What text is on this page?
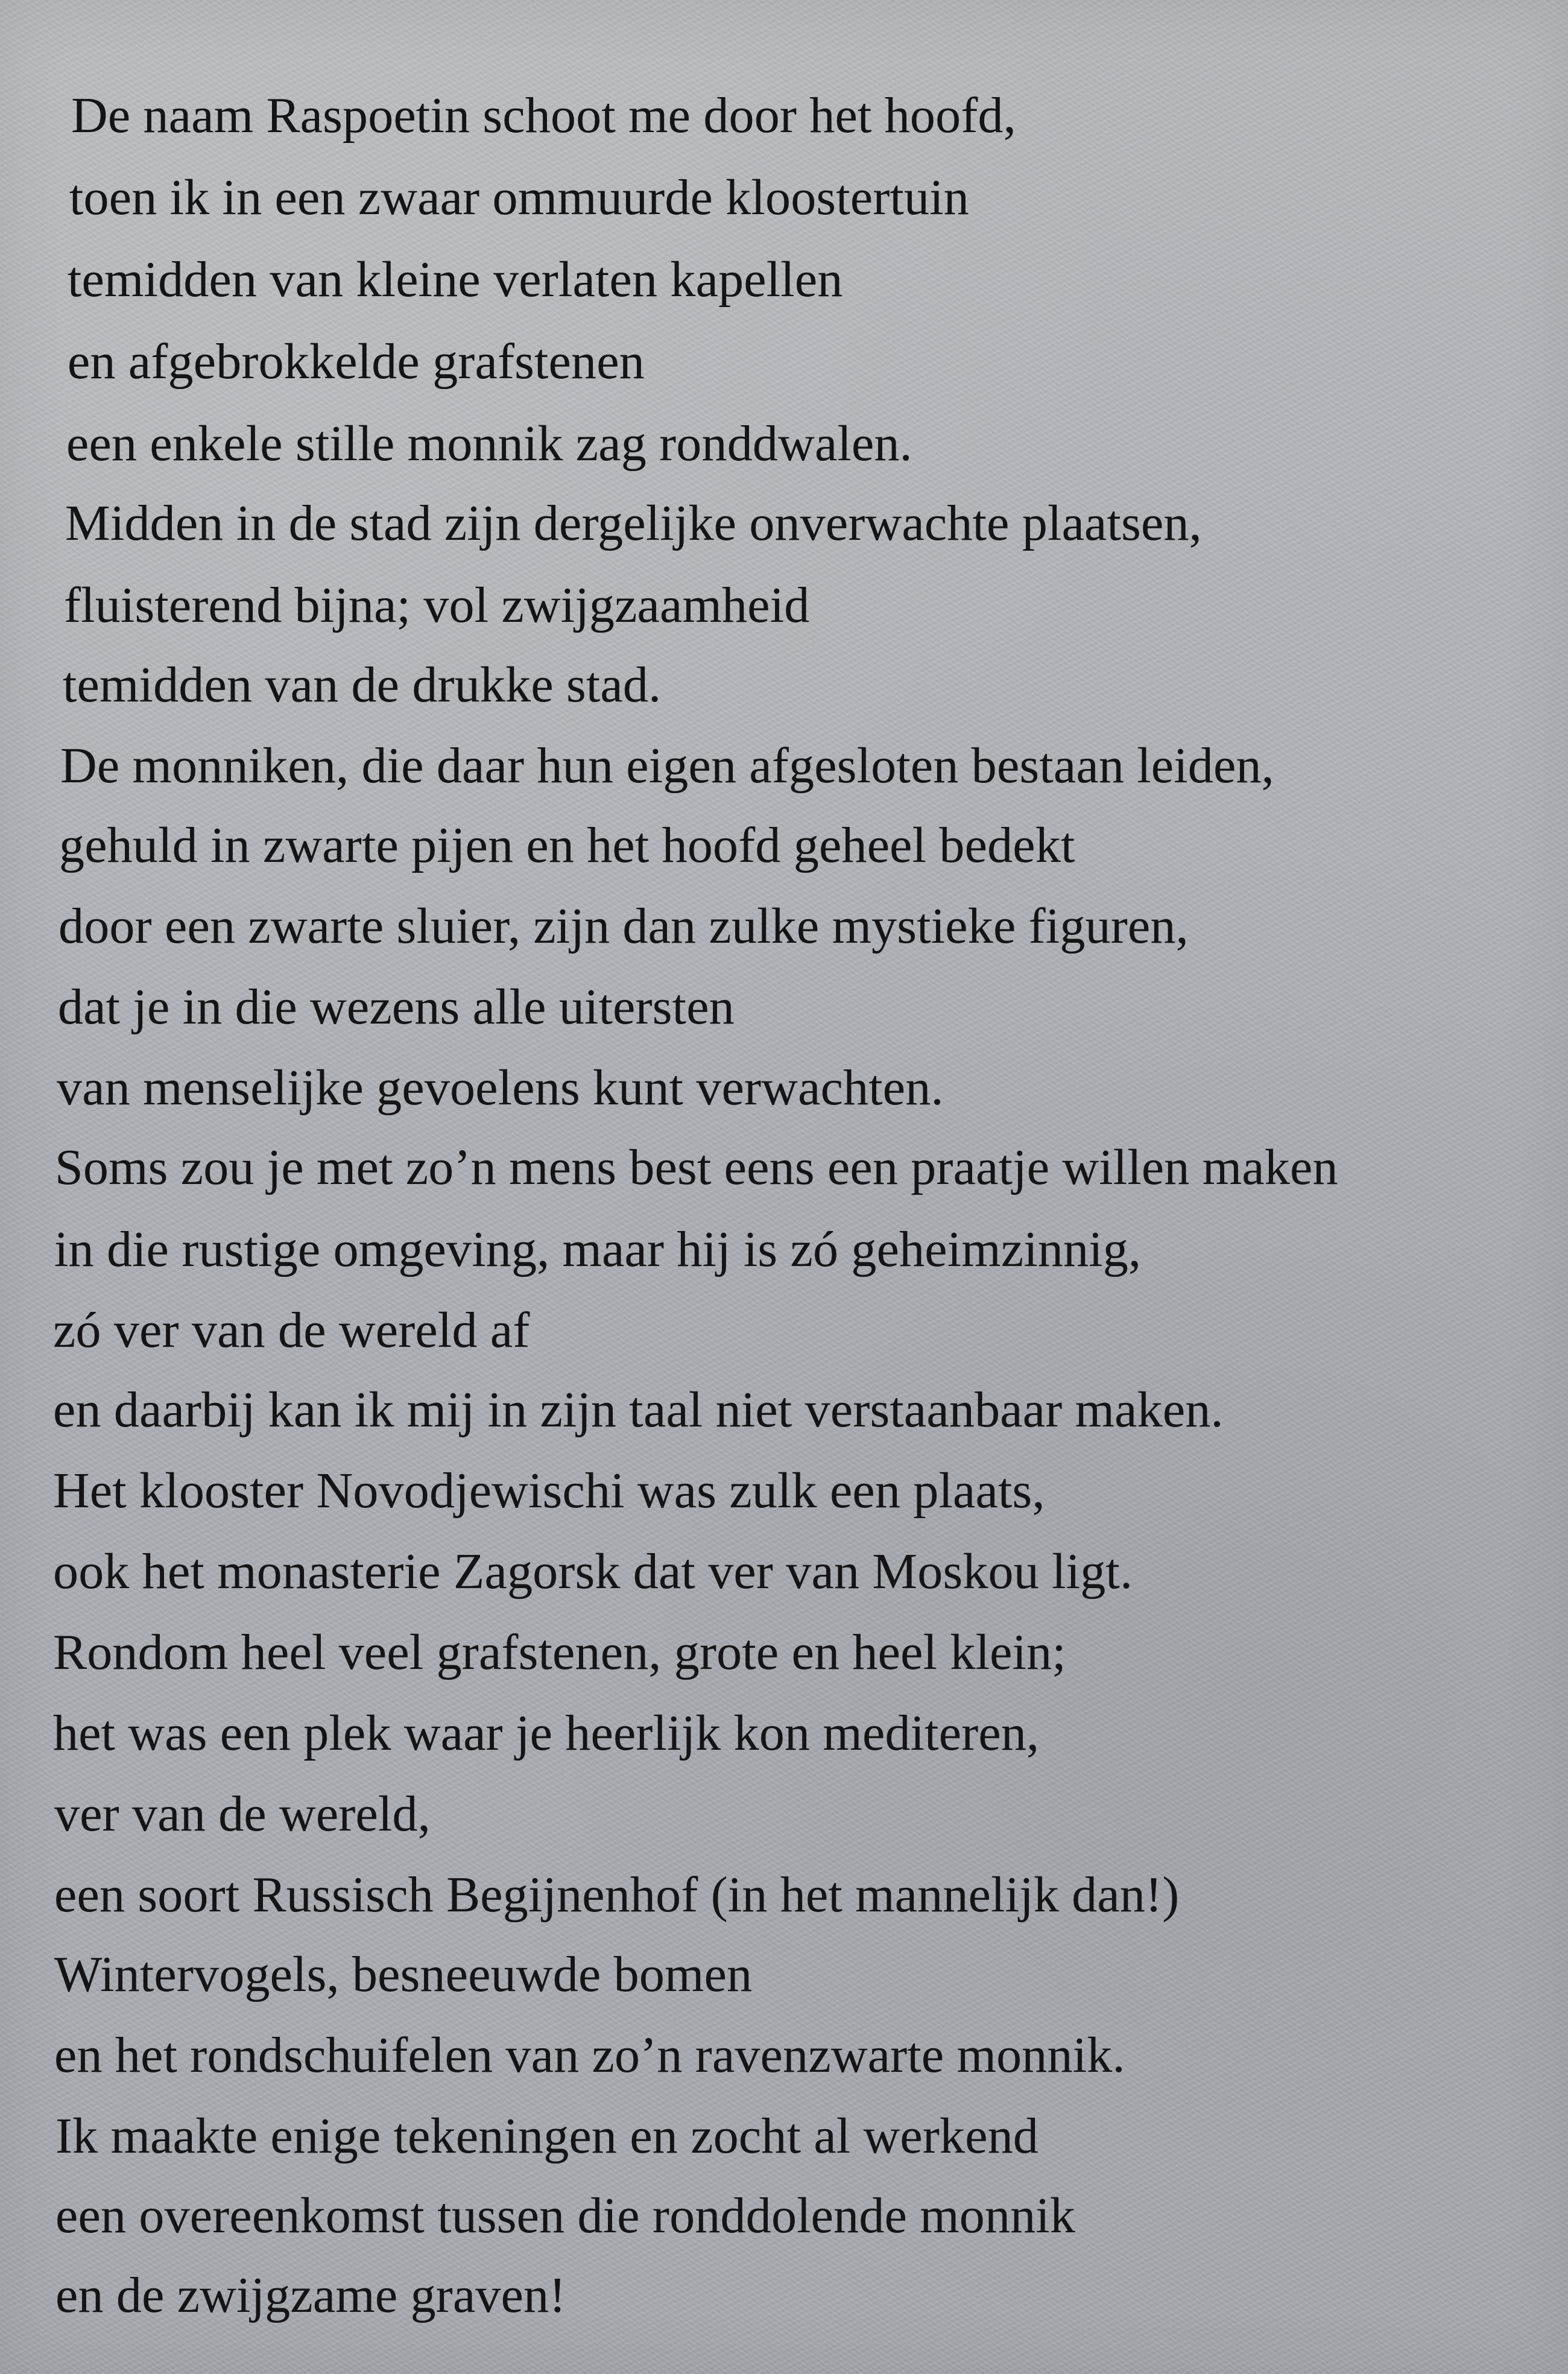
De naam Raspoetin schoot me door het hoofd,
toen ik in een zwaar ommuurde kloostertuin
temidden van kleine verlaten kapellen
en afgebrokkelde grafstenen
een enkele stille monnik zag ronddwalen.
Midden in de stad zijn dergelijke onverwachte plaatsen,
fluisterend bijna; vol zwijgzaamheid
temidden van de drukke stad.
De monniken, die daar hun eigen afgesloten bestaan leiden,
gehuld in zwarte pijen en het hoofd geheel bedekt
door een zwarte sluier, zijn dan zulke mystieke figuren,
dat je in die wezens alle uitersten
van menselijke gevoelens kunt verwachten.
Soms zou je met zo’n mens best eens een praatje willen maken
in die rustige omgeving, maar hij is zó geheimzinnig,
zó ver van de wereld af
en daarbij kan ik mij in zijn taal niet verstaanbaar maken.
Het klooster Novodjewischi was zulk een plaats,
ook het monasterie Zagorsk dat ver van Moskou ligt.
Rondom heel veel grafstenen, grote en heel klein;
het was een plek waar je heerlijk kon mediteren,
ver van de wereld,
een soort Russisch Begijnenhof (in het mannelijk dan!)
Wintervogels, besneeuwde bomen
en het rondschuifelen van zo’n ravenzwarte monnik.
Ik maakte enige tekeningen en zocht al werkend
een overeenkomst tussen die ronddolende monnik
en de zwijgzame graven!
